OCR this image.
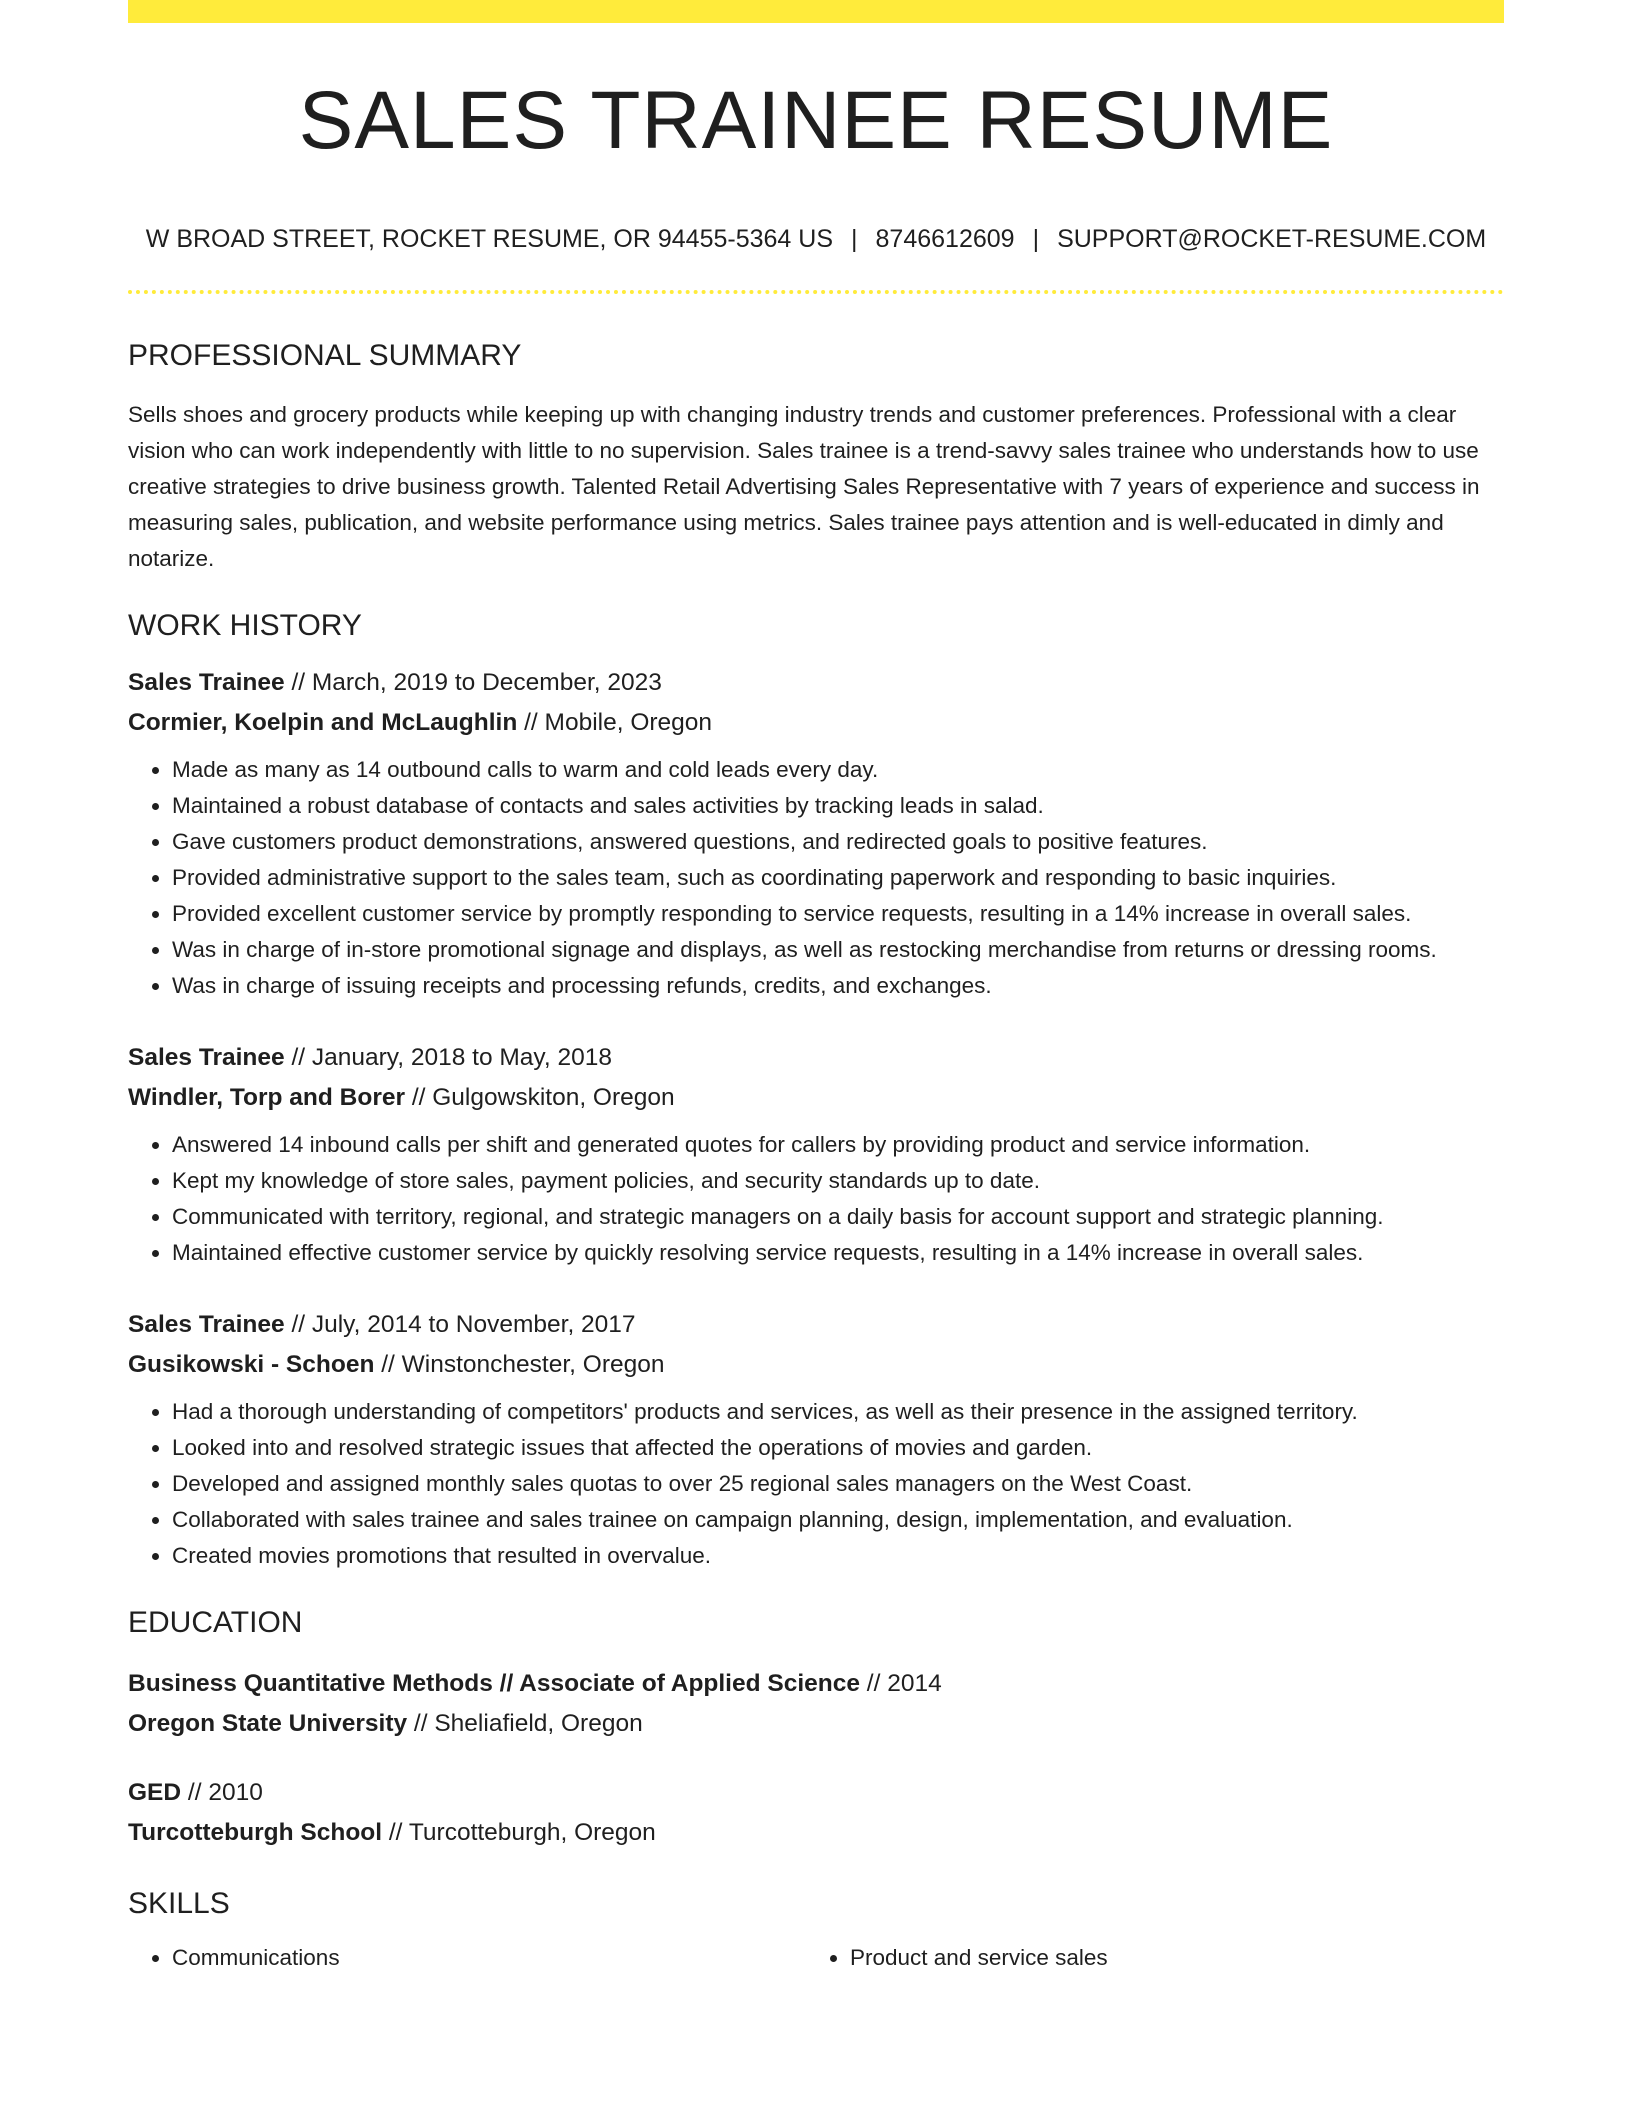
SALES TRAINEE RESUME
W BROAD STREET, ROCKET RESUME, OR 94455-5364 US | 8746612609 | SUPPORT@ROCKET-RESUME.COM
PROFESSIONAL SUMMARY

Sells shoes and grocery products while keeping up with changing industry trends and customer preferences. Professional with a clear vision who can work independently with little to no supervision. Sales trainee is a trend-savvy sales trainee who understands how to use creative strategies to drive business growth. Talented Retail Advertising Sales Representative with 7 years of experience and success in measuring sales, publication, and website performance using metrics. Sales trainee pays attention and is well-educated in dimly and notarize.

WORK HISTORY

Sales Trainee // March, 2019 to December, 2023

Cormier, Koelpin and McLaughlin // Mobile, Oregon

• Made as many as 14 outbound calls to warm and cold leads every day.
• Maintained a robust database of contacts and sales activities by tracking leads in salad.
• Gave customers product demonstrations, answered questions, and redirected goals to positive features.
• Provided administrative support to the sales team, such as coordinating paperwork and responding to basic inquiries.
• Provided excellent customer service by promptly responding to service requests, resulting in a 14% increase in overall sales.
• Was in charge of in-store promotional signage and displays, as well as restocking merchandise from returns or dressing rooms.
• Was in charge of issuing receipts and processing refunds, credits, and exchanges.

Sales Trainee // January, 2018 to May, 2018

Windler, Torp and Borer // Gulgowskiton, Oregon

• Answered 14 inbound calls per shift and generated quotes for callers by providing product and service information.
• Kept my knowledge of store sales, payment policies, and security standards up to date.
• Communicated with territory, regional, and strategic managers on a daily basis for account support and strategic planning.
• Maintained effective customer service by quickly resolving service requests, resulting in a 14% increase in overall sales.

Sales Trainee // July, 2014 to November, 2017

Gusikowski - Schoen // Winstonchester, Oregon

• Had a thorough understanding of competitors' products and services, as well as their presence in the assigned territory.
• Looked into and resolved strategic issues that affected the operations of movies and garden.
• Developed and assigned monthly sales quotas to over 25 regional sales managers on the West Coast.
• Collaborated with sales trainee and sales trainee on campaign planning, design, implementation, and evaluation.
• Created movies promotions that resulted in overvalue.
EDUCATION

Business Quantitative Methods // Associate of Applied Science // 2014

Oregon State University // Sheliafield, Oregon

GED // 2010

Turcotteburgh School // Turcotteburgh, Oregon

SKILLS
• Communications
•	Product and service sales
